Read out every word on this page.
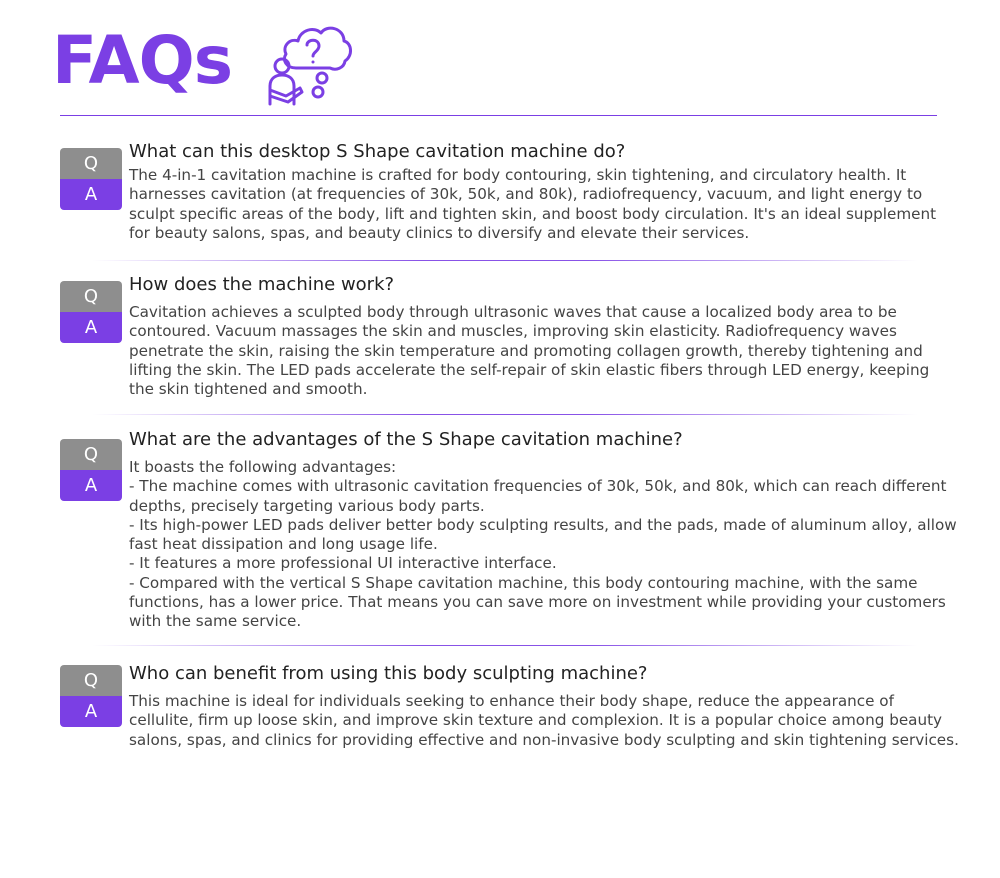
FAQs
Q
A
What can this desktop S Shape cavitation machine do?

The 4-in-1 cavitation machine is crafted for body contouring, skin tightening, and circulatory health. It
harnesses cavitation (at frequencies of 30k, 50k, and 80k), radiofrequency, vacuum, and light energy to
sculpt specific areas of the body, lift and tighten skin, and boost body circulation. It's an ideal supplement
for beauty salons, spas, and beauty clinics to diversify and elevate their services.

Q
A
How does the machine work?

Cavitation achieves a sculpted body through ultrasonic waves that cause a localized body area to be
contoured. Vacuum massages the skin and muscles, improving skin elasticity. Radiofrequency waves
penetrate the skin, raising the skin temperature and promoting collagen growth, thereby tightening and
lifting the skin. The LED pads accelerate the self-repair of skin elastic fibers through LED energy, keeping
the skin tightened and smooth.

Q
A
What are the advantages of the S Shape cavitation machine?

It boasts the following advantages:
- The machine comes with ultrasonic cavitation frequencies of 30k, 50k, and 80k, which can reach different
depths, precisely targeting various body parts.
- Its high-power LED pads deliver better body sculpting results, and the pads, made of aluminum alloy, allow
fast heat dissipation and long usage life.
- It features a more professional UI interactive interface.
- Compared with the vertical S Shape cavitation machine, this body contouring machine, with the same
functions, has a lower price. That means you can save more on investment while providing your customers
with the same service.

Q
A
Who can benefit from using this body sculpting machine?

This machine is ideal for individuals seeking to enhance their body shape, reduce the appearance of
cellulite, firm up loose skin, and improve skin texture and complexion. It is a popular choice among beauty
salons, spas, and clinics for providing effective and non-invasive body sculpting and skin tightening services.
